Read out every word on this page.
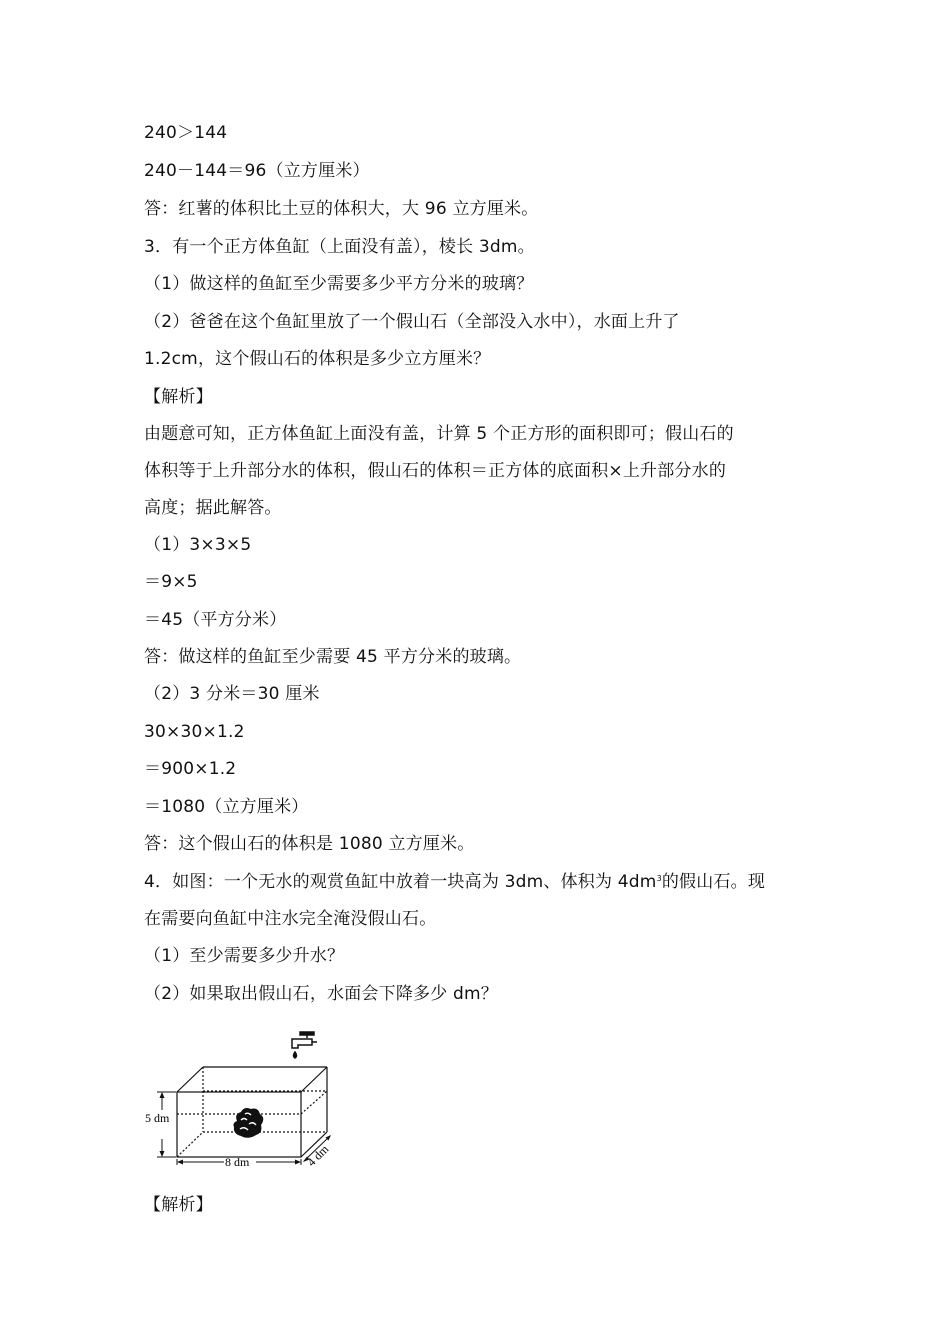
240＞144
240－144＝96（立方厘米）
答：红薯的体积比土豆的体积大，大 96 立方厘米。
3．有一个正方体鱼缸（上面没有盖），棱长 3dm。
（1）做这样的鱼缸至少需要多少平方分米的玻璃？
（2）爸爸在这个鱼缸里放了一个假山石（全部没入水中），水面上升了
1.2cm，这个假山石的体积是多少立方厘米？
【解析】
由题意可知，正方体鱼缸上面没有盖，计算 5 个正方形的面积即可；假山石的
体积等于上升部分水的体积，假山石的体积＝正方体的底面积×上升部分水的
高度；据此解答。
（1）3×3×5
＝9×5
＝45（平方分米）
答：做这样的鱼缸至少需要 45 平方分米的玻璃。
（2）3 分米＝30 厘米
30×30×1.2
＝900×1.2
＝1080（立方厘米）
答：这个假山石的体积是 1080 立方厘米。
4．如图：一个无水的观赏鱼缸中放着一块高为 3dm、体积为 $4dm^3$的假山石。现
在需要向鱼缸中注水完全淹没假山石。
（1）至少需要多少升水？
（2）如果取出假山石，水面会下降多少 dm？
5 dm
8 dm	4 dm
【解析】
